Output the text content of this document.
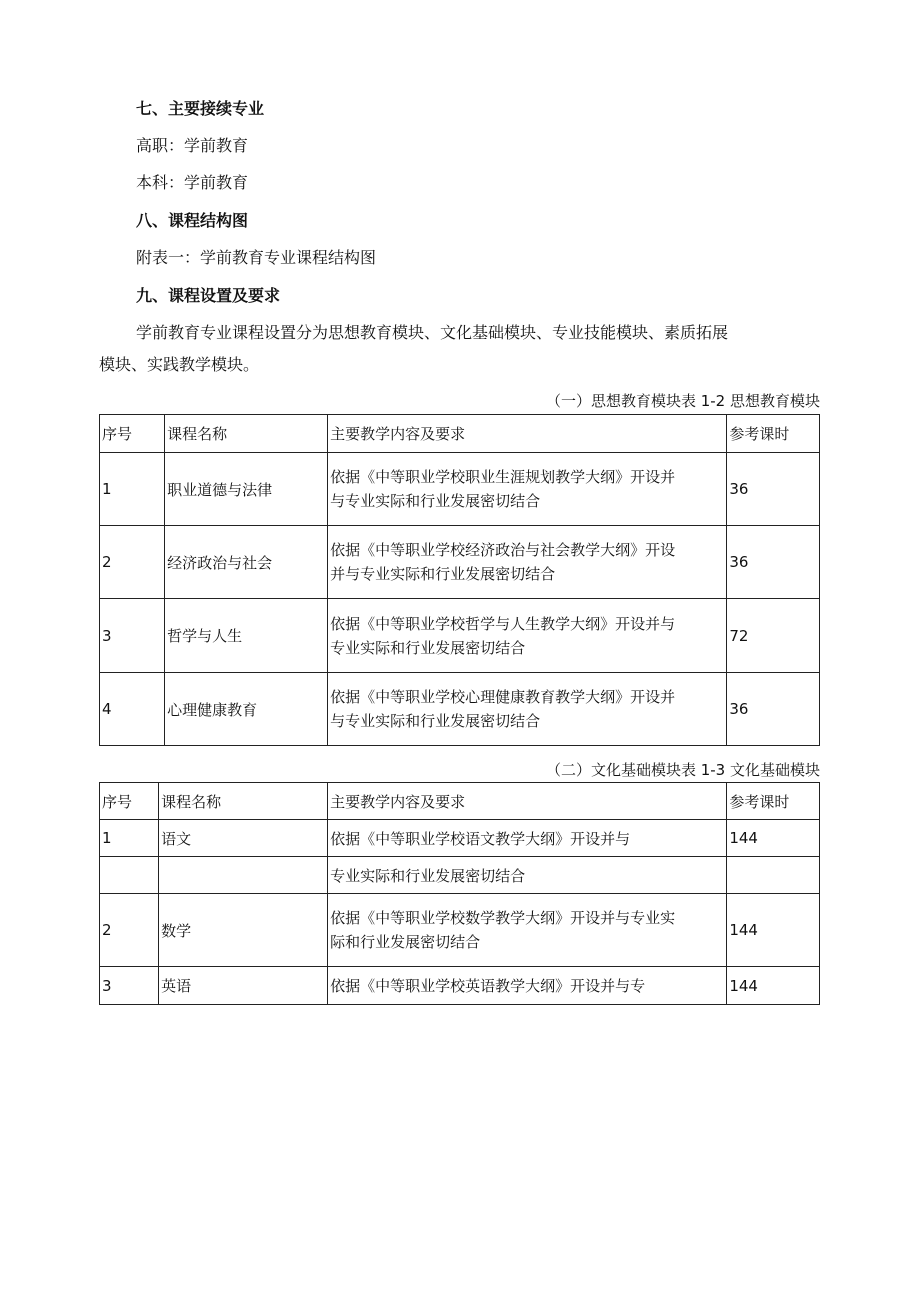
七、主要接续专业
高职：学前教育
本科：学前教育
八、课程结构图
附表一：学前教育专业课程结构图
九、课程设置及要求
学前教育专业课程设置分为思想教育模块、文化基础模块、专业技能模块、素质拓展
模块、实践教学模块。
（一）思想教育模块表 1-2 思想教育模块
序号	课程名称	主要教学内容及要求	参考课时
1	职业道德与法律	依据《中等职业学校职业生涯规划教学大纲》开设并
与专业实际和行业发展密切结合	36
2	经济政治与社会	依据《中等职业学校经济政治与社会教学大纲》开设
并与专业实际和行业发展密切结合	36
3	哲学与人生	依据《中等职业学校哲学与人生教学大纲》开设并与
专业实际和行业发展密切结合	72
4	心理健康教育	依据《中等职业学校心理健康教育教学大纲》开设并
与专业实际和行业发展密切结合	36
（二）文化基础模块表 1-3 文化基础模块
序号	课程名称	主要教学内容及要求	参考课时
1	语文	依据《中等职业学校语文教学大纲》开设并与	144
		专业实际和行业发展密切结合	
2	数学	依据《中等职业学校数学教学大纲》开设并与专业实
际和行业发展密切结合	144
3	英语	依据《中等职业学校英语教学大纲》开设并与专	144
